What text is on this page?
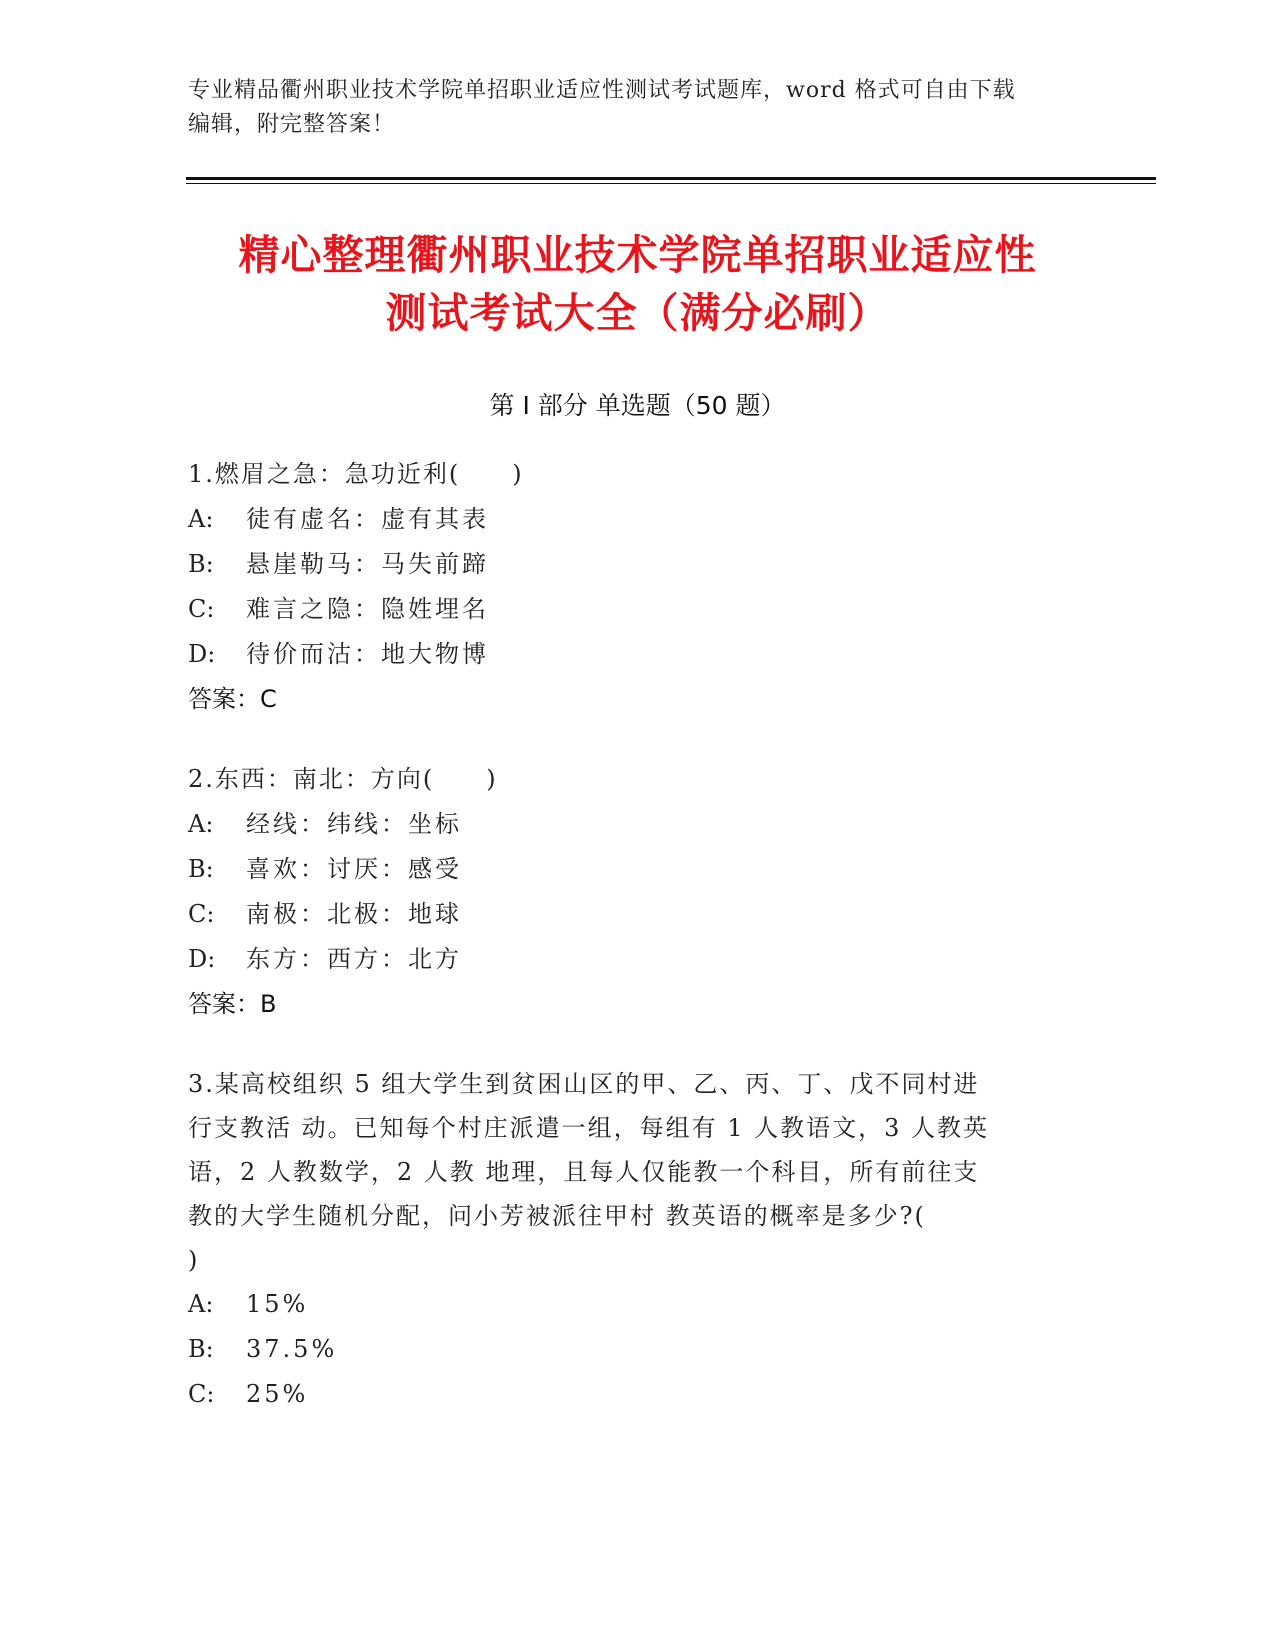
专业精品衢州职业技术学院单招职业适应性测试考试题库，word 格式可自由下载
编辑，附完整答案！
精心整理衢州职业技术学院单招职业适应性
测试考试大全（满分必刷）
第 I 部分 单选题（50 题）
1.燃眉之急：急功近利(　　)
A:	徒有虚名：虚有其表
B:	悬崖勒马：马失前蹄
C:	难言之隐：隐姓埋名
D:	待价而沽：地大物博
答案：C
2.东西：南北：方向(　　)
A:	经线：纬线：坐标
B:	喜欢：讨厌：感受
C:	南极：北极：地球
D:	东方：西方：北方
答案：B
3.某高校组织 5 组大学生到贫困山区的甲、乙、丙、丁、戊不同村进
行支教活 动。已知每个村庄派遣一组，每组有 1 人教语文，3 人教英
语，2 人教数学，2 人教 地理，且每人仅能教一个科目，所有前往支
教的大学生随机分配，问小芳被派往甲村 教英语的概率是多少?(
)
A:	15%
B:	37.5%
C:	25%
